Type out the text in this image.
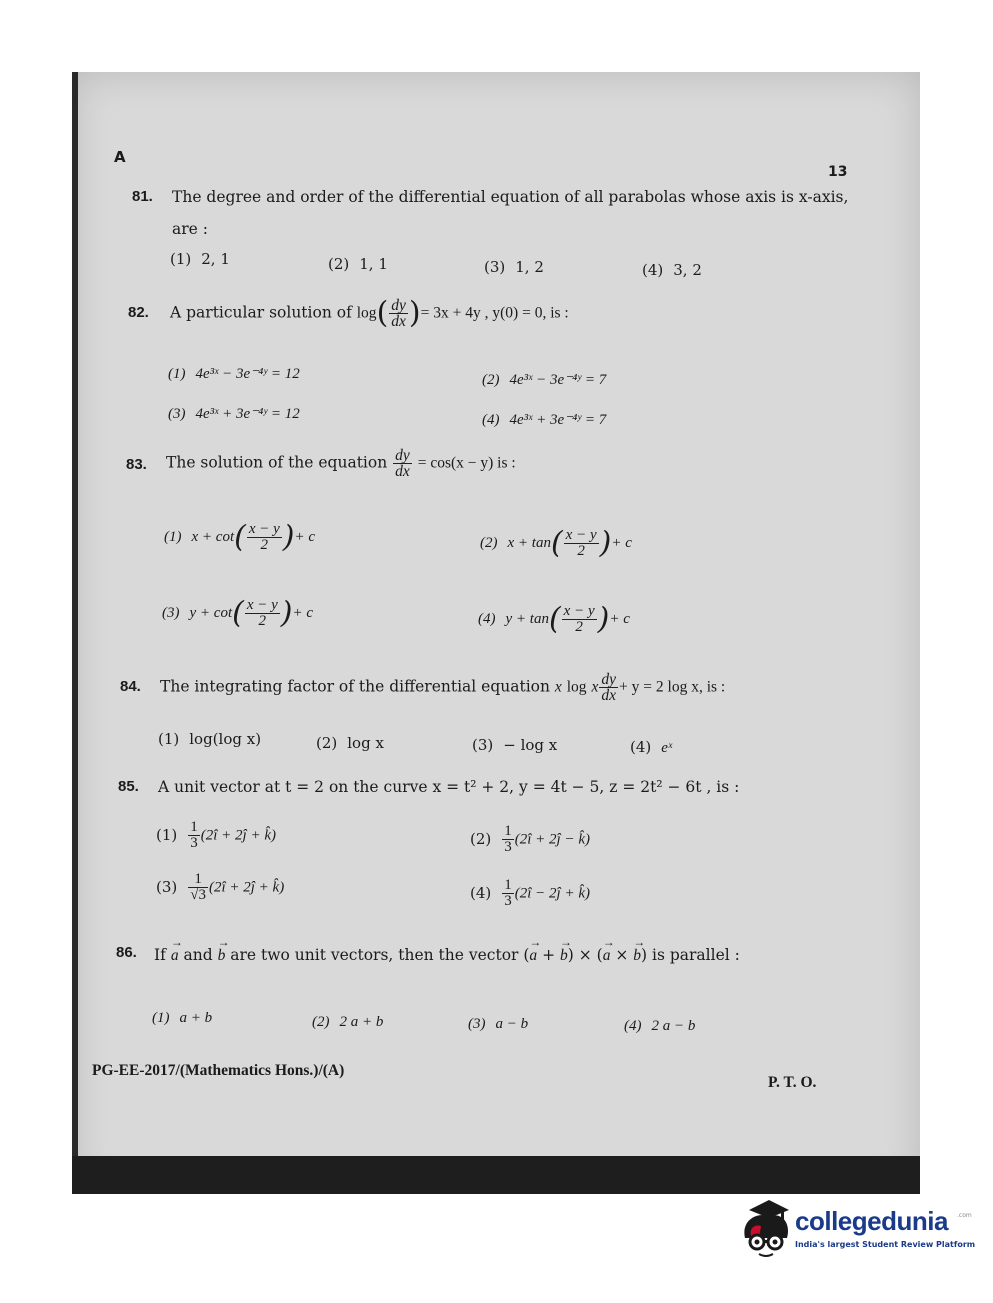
A
13
81. The degree and order of the differential equation of all parabolas whose axis is x-axis,
are :
(1) 2, 1	(2) 1, 1	(3) 1, 2	(4) 3, 2
82. A particular solution of $\log( \frac{dy}{dx}$ )= 3x + 4y , y(0) = 0, is :
(1) 4e³ˣ − 3e⁻⁴ʸ = 12	(2) 4e³ˣ − 3e⁻⁴ʸ = 7
(3) 4e³ˣ + 3e⁻⁴ʸ = 12	(4) 4e³ˣ + 3e⁻⁴ʸ = 7
83. The solution of the equation $\frac{dy}{dx} = \cos(x - y)$ is :
(1) $x + \cot( \frac{x - y}{2}$ )+ c	(2) $x + \tan( \frac{x - y}{2}$ )+ c
(3) $y + \cot( \frac{x - y}{2}$ )+ c	(4) $y + \tan( \frac{x - y}{2}$ )+ c
84. The integrating factor of the differential equation x log x $\frac{dy}{dx} + y = 2$ log x, is :
(1) log(log x)	(2) log x	(3) − log x	(4) eˣ
85. A unit vector at t = 2 on the curve x = t² + 2, y = 4t − 5, z = 2t² − 6t , is :
$(1) \frac{1}{3}$ (2î + 2ĵ + k̂)	$(2) \frac{1}{3}$ (2î + 2ĵ − k̂)
$(3) \frac{1}{√3}$ (2î + 2ĵ + k̂)	$(4) \frac{1}{3}$ (2î − 2ĵ + k̂)
86. If → a and → b are two unit vectors, then the vector (→ a + → b) × (→ a × → b) is parallel :
(1) a + b	(2) 2 a + b	(3) a − b	(4) 2 a − b
PG-EE-2017/(Mathematics Hons.)/(A)
P. T. O.
collegedunia .com
India's largest Student Review Platform
